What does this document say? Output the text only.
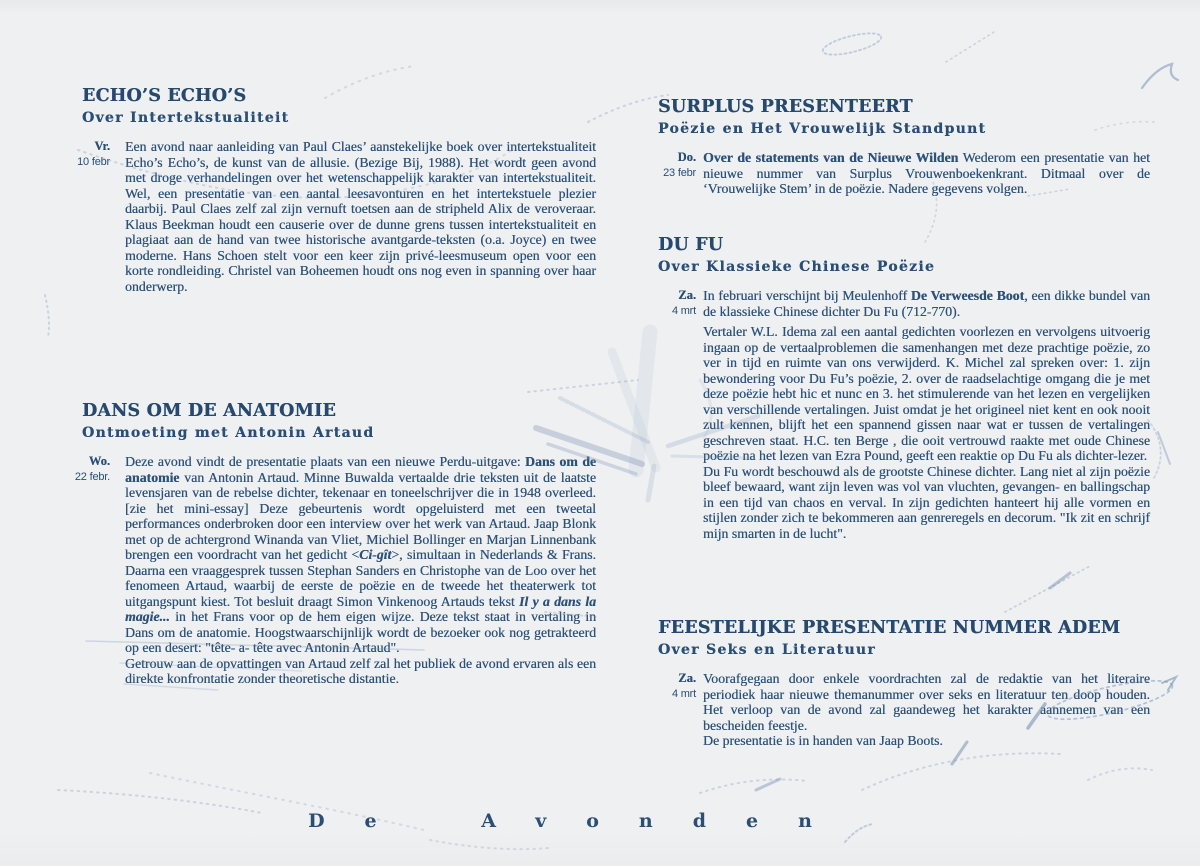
ECHO’S ECHO’S
Over Intertekstualiteit
Vr.
10 febr

Een avond naar aanleiding van Paul Claes’ aanstekelijke boek over intertekstualiteit Echo’s Echo’s, de kunst van de allusie. (Bezige Bij, 1988). Het wordt geen avond met droge verhandelingen over het wetenschappelijk karakter van intertekstualiteit. Wel, een presentatie van een aantal leesavonturen en het intertekstuele plezier daarbij. Paul Claes zelf zal zijn vernuft toetsen aan de stripheld Alix de veroveraar. Klaus Beekman houdt een causerie over de dunne grens tussen intertekstualiteit en plagiaat aan de hand van twee historische avantgarde-teksten (o.a. Joyce) en twee moderne. Hans Schoen stelt voor een keer zijn privé-leesmuseum open voor een korte rondleiding. Christel van Boheemen houdt ons nog even in spanning over haar onderwerp.

DANS OM DE ANATOMIE
Ontmoeting met Antonin Artaud
Wo.
22 febr.

Deze avond vindt de presentatie plaats van een nieuwe Perdu-uitgave: Dans om de anatomie van Antonin Artaud. Minne Buwalda vertaalde drie teksten uit de laatste levensjaren van de rebelse dichter, tekenaar en toneelschrijver die in 1948 overleed. [zie het mini-essay] Deze gebeurtenis wordt opgeluisterd met een tweetal performances onderbroken door een interview over het werk van Artaud. Jaap Blonk met op de achtergrond Winanda van Vliet, Michiel Bollinger en Marjan Linnenbank brengen een voordracht van het gedicht <Ci-gît>, simultaan in Nederlands & Frans. Daarna een vraaggesprek tussen Stephan Sanders en Christophe van de Loo over het fenomeen Artaud, waarbij de eerste de poëzie en de tweede het theaterwerk tot uitgangspunt kiest. Tot besluit draagt Simon Vinkenoog Artauds tekst Il y a dans la magie... in het Frans voor op de hem eigen wijze. Deze tekst staat in vertaling in Dans om de anatomie. Hoogstwaarschijnlijk wordt de bezoeker ook nog getrakteerd op een desert: "tête- a- tête avec Antonin Artaud".

Getrouw aan de opvattingen van Artaud zelf zal het publiek de avond ervaren als een direkte konfrontatie zonder theoretische distantie.

SURPLUS PRESENTEERT
Poëzie en Het Vrouwelijk Standpunt
Do.
23 febr

Over de statements van de Nieuwe Wilden Wederom een presentatie van het nieuwe nummer van Surplus Vrouwenboekenkrant. Ditmaal over de ‘Vrouwelijke Stem’ in de poëzie. Nadere gegevens volgen.

DU FU
Over Klassieke Chinese Poëzie
Za.
4 mrt

In februari verschijnt bij Meulenhoff De Verweesde Boot, een dikke bundel van de klassieke Chinese dichter Du Fu (712-770).

Vertaler W.L. Idema zal een aantal gedichten voorlezen en vervolgens uitvoerig ingaan op de vertaalproblemen die samenhangen met deze prachtige poëzie, zo ver in tijd en ruimte van ons verwijderd. K. Michel zal spreken over: 1. zijn bewondering voor Du Fu’s poëzie, 2. over de raadselachtige omgang die je met deze poëzie hebt hic et nunc en 3. het stimulerende van het lezen en vergelijken van verschillende vertalingen. Juist omdat je het origineel niet kent en ook nooit zult kennen, blijft het een spannend gissen naar wat er tussen de vertalingen geschreven staat. H.C. ten Berge , die ooit vertrouwd raakte met oude Chinese poëzie na het lezen van Ezra Pound, geeft een reaktie op Du Fu als dichter-lezer.

Du Fu wordt beschouwd als de grootste Chinese dichter. Lang niet al zijn poëzie bleef bewaard, want zijn leven was vol van vluchten, gevangen- en ballingschap in een tijd van chaos en verval. In zijn gedichten hanteert hij alle vormen en stijlen zonder zich te bekommeren aan genreregels en decorum. "Ik zit en schrijf mijn smarten in de lucht".

FEESTELIJKE PRESENTATIE NUMMER ADEM
Over Seks en Literatuur
Za.
4 mrt

Voorafgegaan door enkele voordrachten zal de redaktie van het literaire periodiek haar nieuwe themanummer over seks en literatuur ten doop houden. Het verloop van de avond zal gaandeweg het karakter aannemen van een bescheiden feestje.

De presentatie is in handen van Jaap Boots.

De Avonden
